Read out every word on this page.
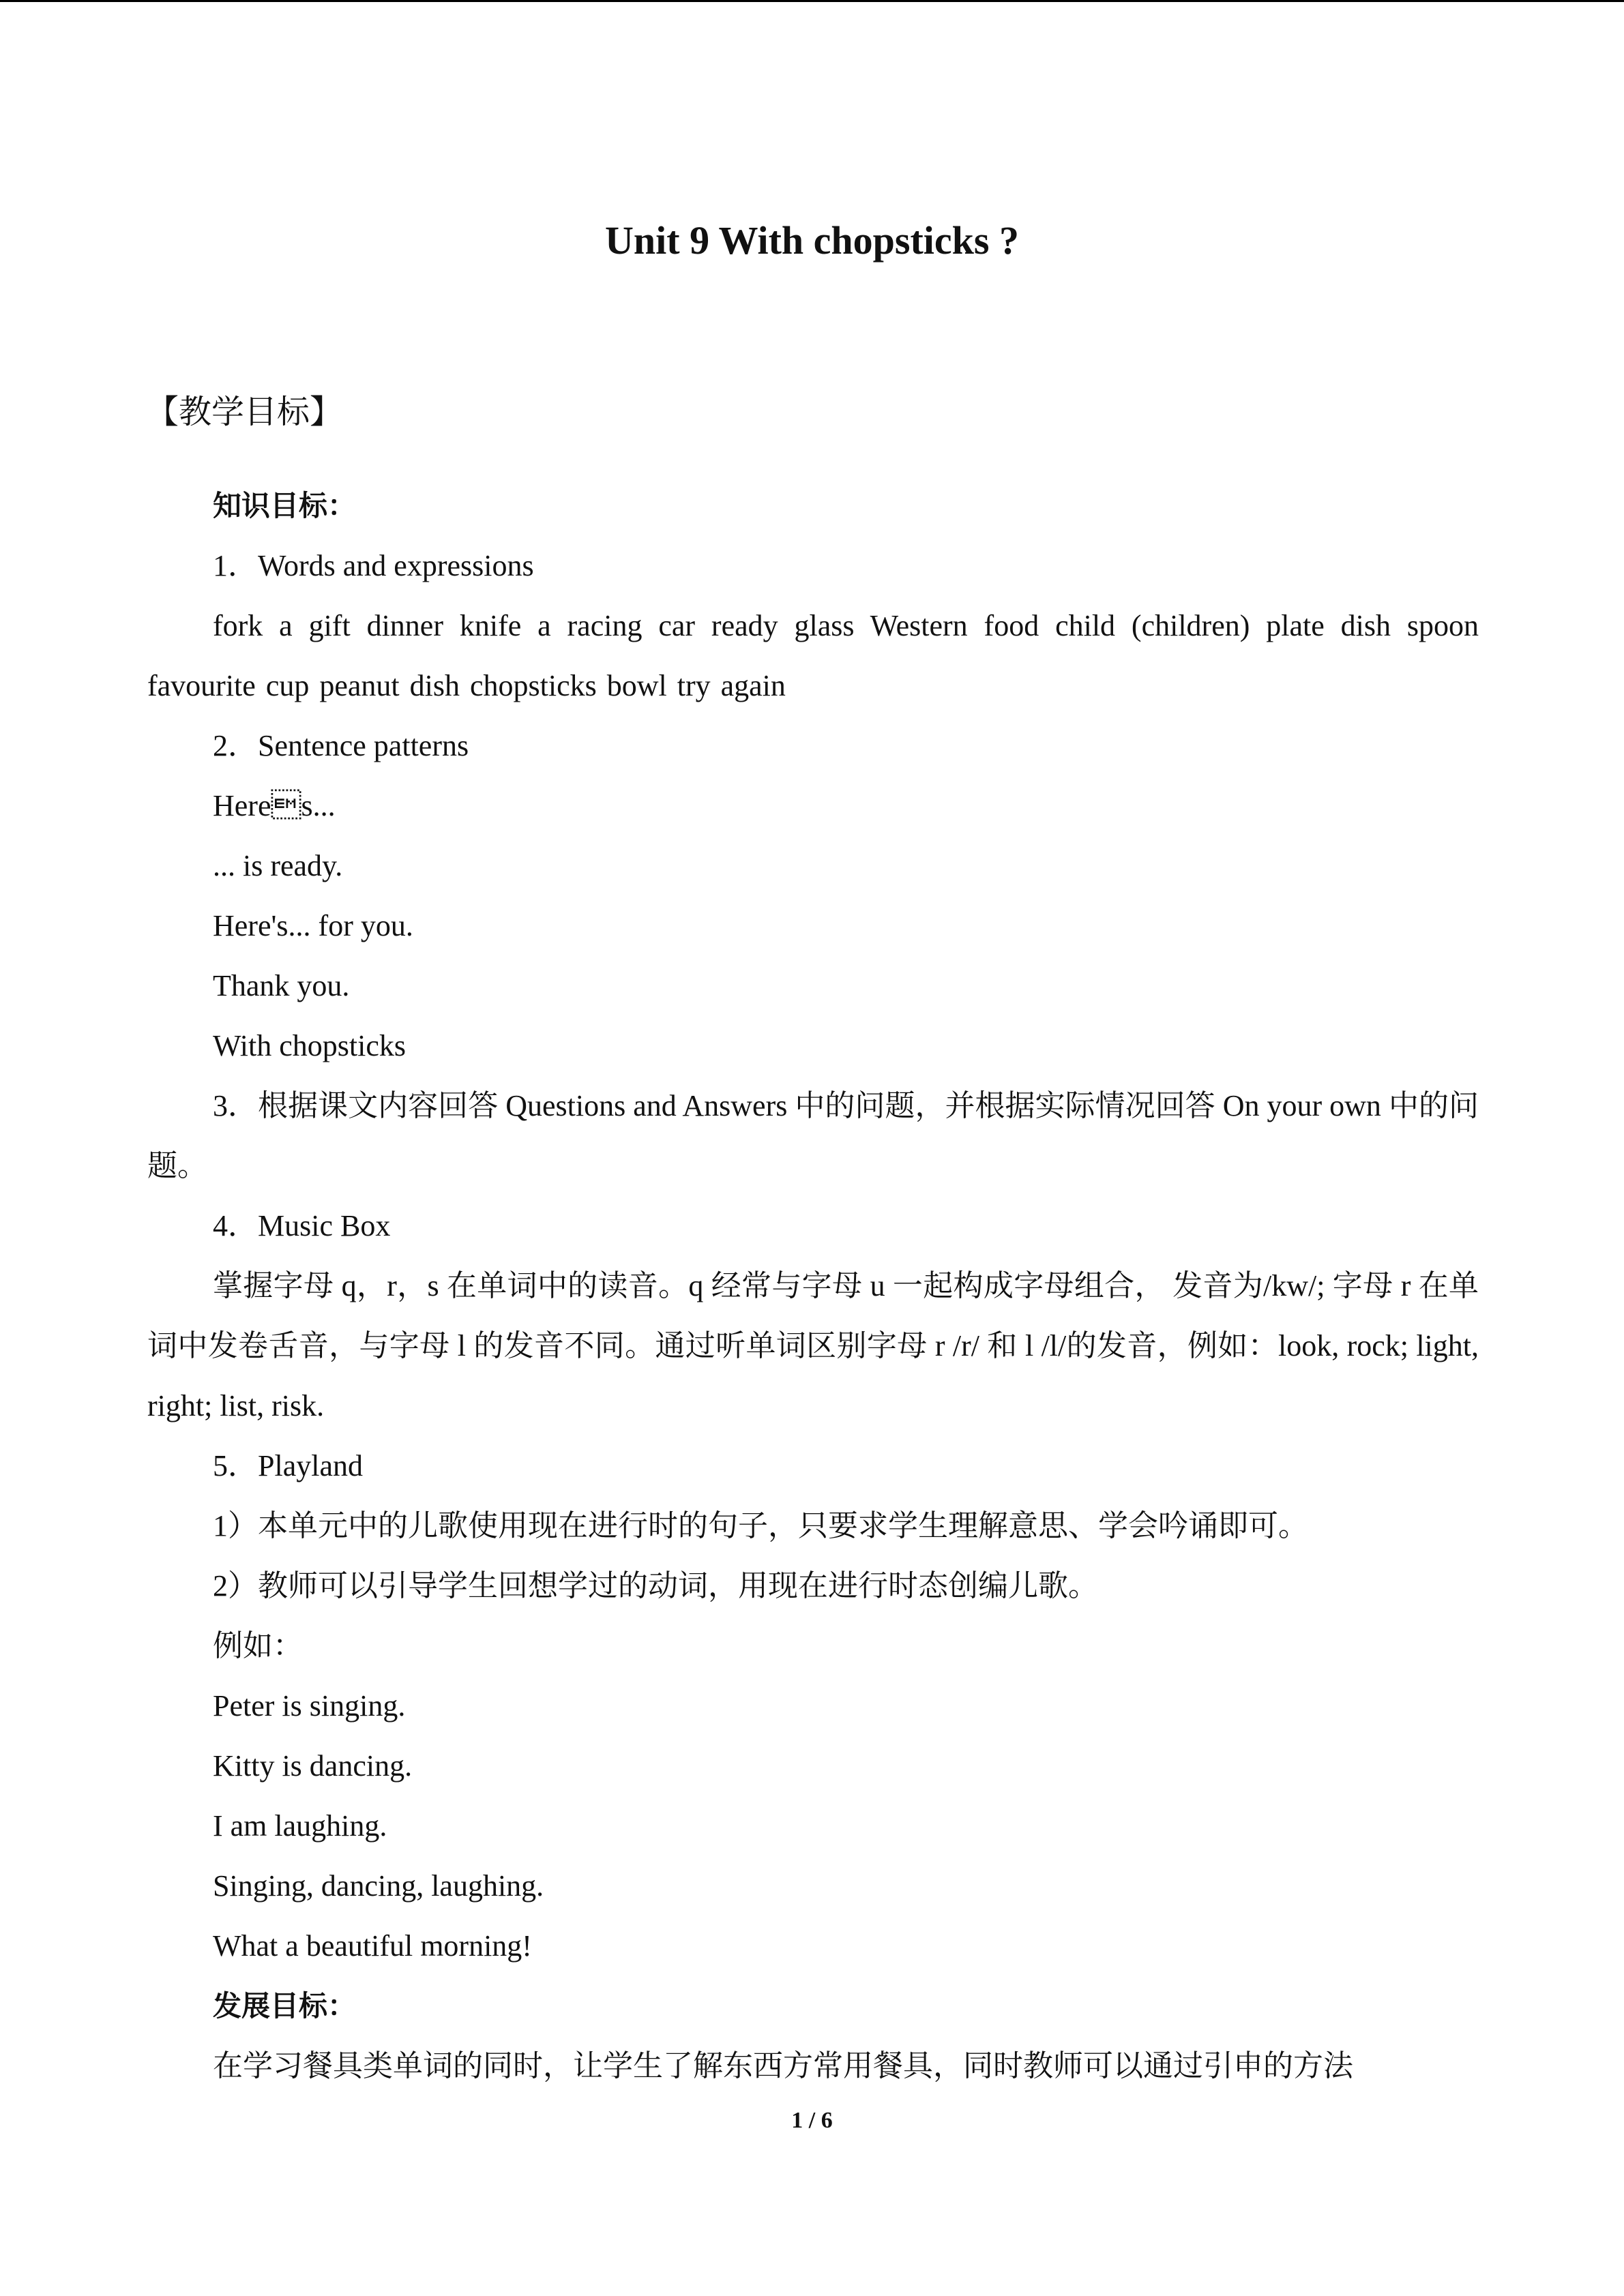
Unit 9 With chopsticks ?
【教学目标】

知识目标：

1．Words and expressions

fork a gift dinner knife a racing car ready glass Western food child (children) plate dish spoon favourite cup peanut dish chopsticks bowl try again

2．Sentence patterns

Heres...

... is ready.

Here's... for you.

Thank you.

With chopsticks

3．根据课文内容回答 Questions and Answers 中的问题，并根据实际情况回答 On your own 中的问题。

4．Music Box

掌握字母 q，r，s 在单词中的读音。q 经常与字母 u 一起构成字母组合， 发音为/kw/; 字母 r 在单词中发卷舌音，与字母 l 的发音不同。通过听单词区别字母 r /r/ 和 l /l/的发音，例如：look, rock; light, right; list, risk.

5．Playland

1）本单元中的儿歌使用现在进行时的句子，只要求学生理解意思、学会吟诵即可。

2）教师可以引导学生回想学过的动词，用现在进行时态创编儿歌。

例如：

Peter is singing.

Kitty is dancing.

I am laughing.

Singing, dancing, laughing.

What a beautiful morning!

发展目标：

在学习餐具类单词的同时，让学生了解东西方常用餐具，同时教师可以通过引申的方法

1 / 6
